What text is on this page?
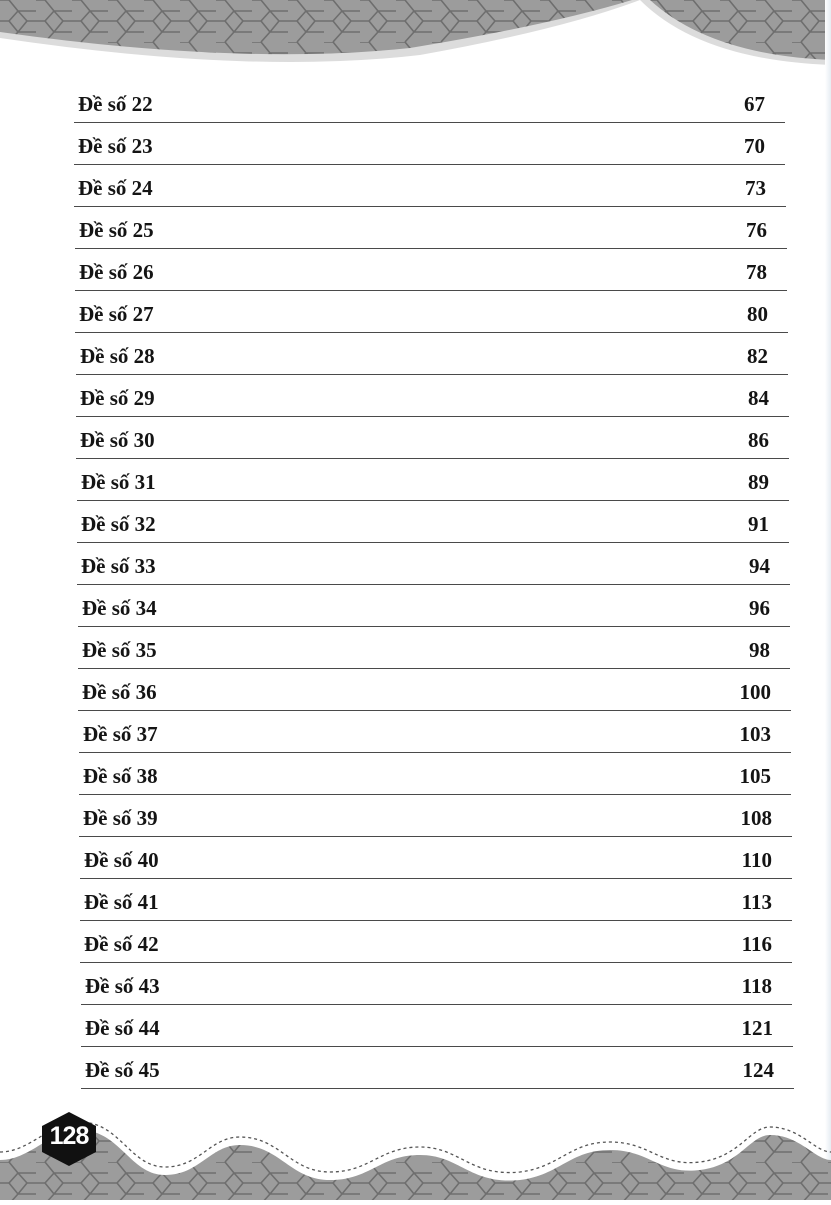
Đề số 22	67
Đề số 23	70
Đề số 24	73
Đề số 25	76
Đề số 26	78
Đề số 27	80
Đề số 28	82
Đề số 29	84
Đề số 30	86
Đề số 31	89
Đề số 32	91
Đề số 33	94
Đề số 34	96
Đề số 35	98
Đề số 36	100
Đề số 37	103
Đề số 38	105
Đề số 39	108
Đề số 40	110
Đề số 41	113
Đề số 42	116
Đề số 43	118
Đề số 44	121
Đề số 45	124
128
